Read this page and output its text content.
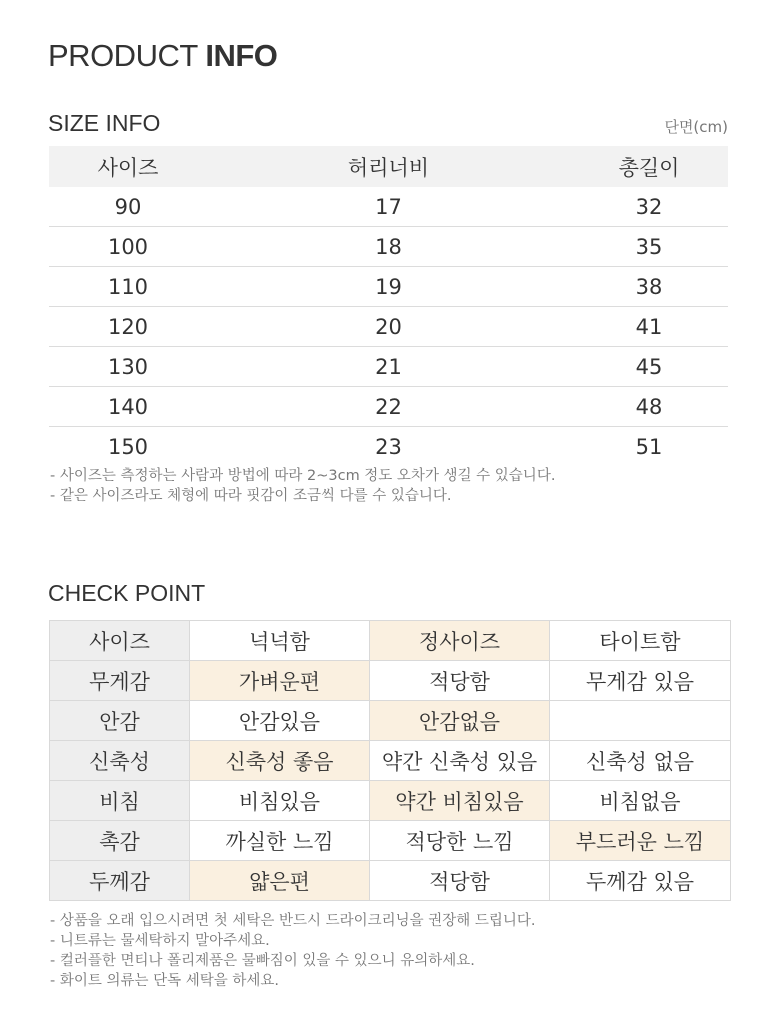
PRODUCT INFO
SIZE INFO	단면(cm)
사이즈	허리너비	총길이
90	17	32
100	18	35
110	19	38
120	20	41
130	21	45
140	22	48
150	23	51
- 사이즈는 측정하는 사람과 방법에 따라 2~3cm 정도 오차가 생길 수 있습니다.
- 같은 사이즈라도 체형에 따라 핏감이 조금씩 다를 수 있습니다.
CHECK POINT
사이즈	넉넉함	정사이즈	타이트함
무게감	가벼운편	적당함	무게감 있음
안감	안감있음	안감없음	
신축성	신축성 좋음	약간 신축성 있음	신축성 없음
비침	비침있음	약간 비침있음	비침없음
촉감	까실한 느낌	적당한 느낌	부드러운 느낌
두께감	얇은편	적당함	두께감 있음
- 상품을 오래 입으시려면 첫 세탁은 반드시 드라이크리닝을 권장해 드립니다.
- 니트류는 물세탁하지 말아주세요.
- 컬러플한 면티나 폴리제품은 물빠짐이 있을 수 있으니 유의하세요.
- 화이트 의류는 단독 세탁을 하세요.
